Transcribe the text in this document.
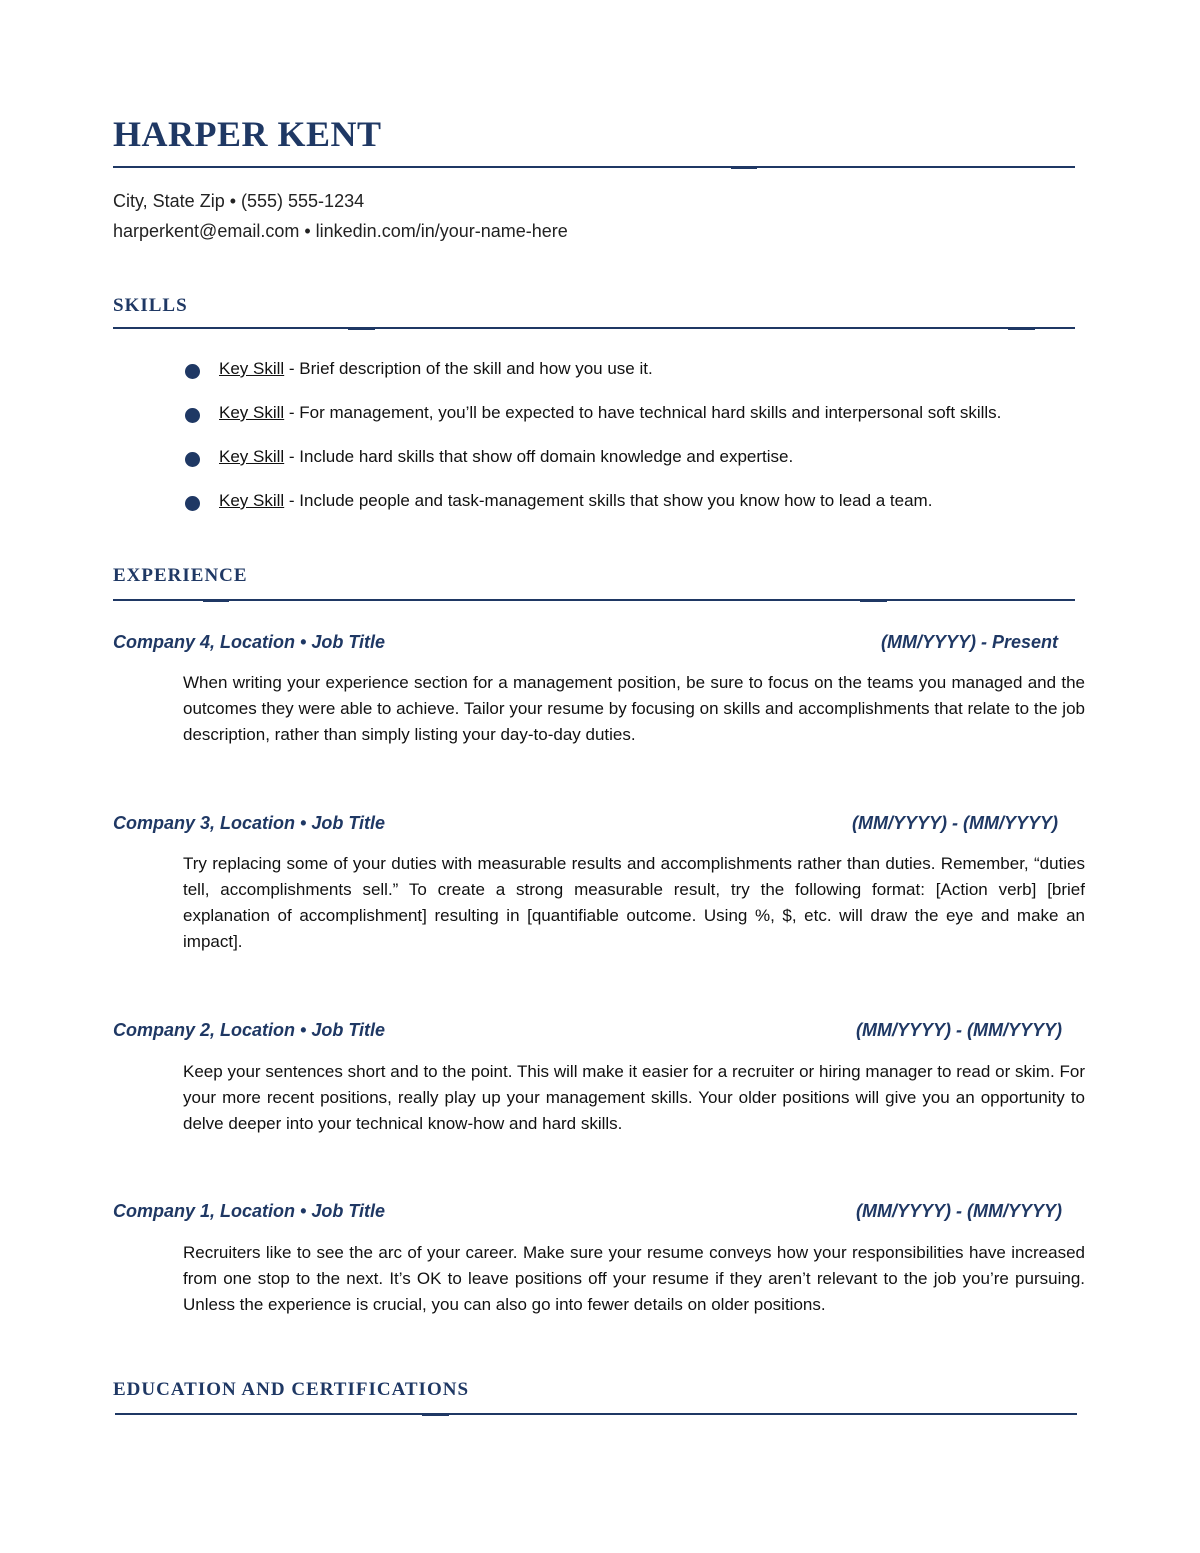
HARPER KENT
City, State Zip • (555) 555-1234
harperkent@email.com • linkedin.com/in/your-name-here
SKILLS
Key Skill - Brief description of the skill and how you use it.
Key Skill - For management, you’ll be expected to have technical hard skills and interpersonal soft skills.
Key Skill - Include hard skills that show off domain knowledge and expertise.
Key Skill - Include people and task-management skills that show you know how to lead a team.
EXPERIENCE
Company 4, Location • Job Title	(MM/YYYY) - Present

When writing your experience section for a management position, be sure to focus on the teams you managed and the outcomes they were able to achieve. Tailor your resume by focusing on skills and accomplishments that relate to the job description, rather than simply listing your day-to-day duties.

Company 3, Location • Job Title	(MM/YYYY) - (MM/YYYY)

Try replacing some of your duties with measurable results and accomplishments rather than duties. Remember, “duties tell, accomplishments sell.” To create a strong measurable result, try the following format: [Action verb] [brief explanation of accomplishment] resulting in [quantifiable outcome. Using %, $, etc. will draw the eye and make an impact].

Company 2, Location • Job Title	(MM/YYYY) - (MM/YYYY)

Keep your sentences short and to the point. This will make it easier for a recruiter or hiring manager to read or skim. For your more recent positions, really play up your management skills. Your older positions will give you an opportunity to delve deeper into your technical know-how and hard skills.

Company 1, Location • Job Title	(MM/YYYY) - (MM/YYYY)

Recruiters like to see the arc of your career. Make sure your resume conveys how your responsibilities have increased from one stop to the next. It’s OK to leave positions off your resume if they aren’t relevant to the job you’re pursuing. Unless the experience is crucial, you can also go into fewer details on older positions.

EDUCATION AND CERTIFICATIONS
